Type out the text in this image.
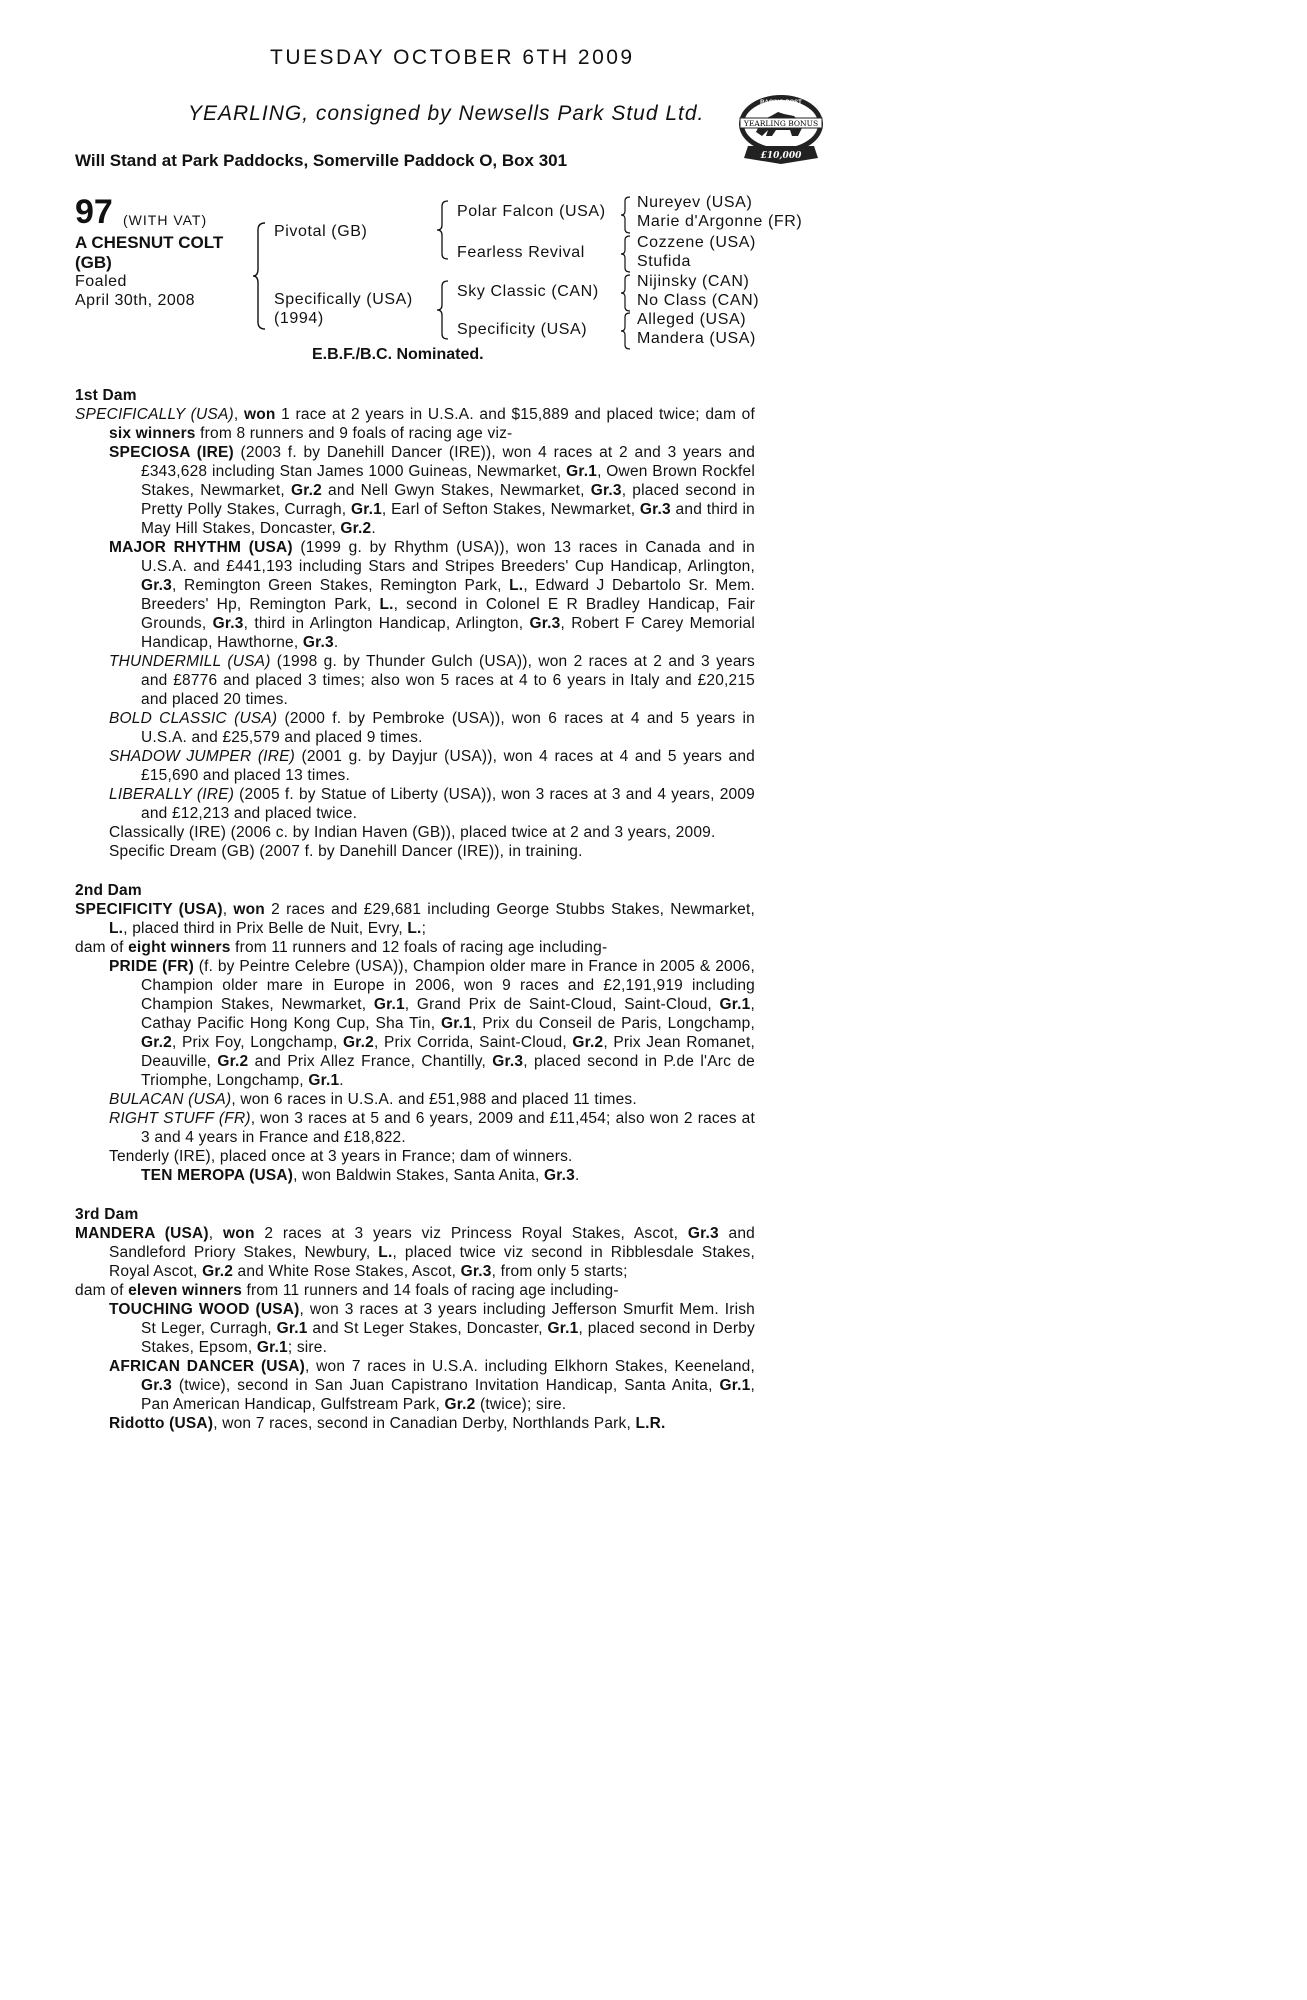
TUESDAY OCTOBER 6TH 2009
YEARLING, consigned by Newsells Park Stud Ltd.
Will Stand at Park Paddocks, Somerville Paddock O, Box 301
YEARLING BONUS
RACING POST
£10,000
97 (WITH VAT)
A CHESNUT COLT
(GB)
Foaled
April 30th, 2008
Pivotal (GB)
Specifically (USA)
(1994)
Polar Falcon (USA)
Fearless Revival
Sky Classic (CAN)
Specificity (USA)
Nureyev (USA)
Marie d'Argonne (FR)
Cozzene (USA)
Stufida
Nijinsky (CAN)
No Class (CAN)
Alleged (USA)
Mandera (USA)
E.B.F./B.C. Nominated.
1st Dam
SPECIFICALLY (USA), won 1 race at 2 years in U.S.A. and $15,889 and placed twice; dam of six winners from 8 runners and 9 foals of racing age viz-
SPECIOSA (IRE) (2003 f. by Danehill Dancer (IRE)), won 4 races at 2 and 3 years and £343,628 including Stan James 1000 Guineas, Newmarket, Gr.1, Owen Brown Rockfel Stakes, Newmarket, Gr.2 and Nell Gwyn Stakes, Newmarket, Gr.3, placed second in Pretty Polly Stakes, Curragh, Gr.1, Earl of Sefton Stakes, Newmarket, Gr.3 and third in May Hill Stakes, Doncaster, Gr.2.
MAJOR RHYTHM (USA) (1999 g. by Rhythm (USA)), won 13 races in Canada and in U.S.A. and £441,193 including Stars and Stripes Breeders' Cup Handicap, Arlington, Gr.3, Remington Green Stakes, Remington Park, L., Edward J Debartolo Sr. Mem. Breeders' Hp, Remington Park, L., second in Colonel E R Bradley Handicap, Fair Grounds, Gr.3, third in Arlington Handicap, Arlington, Gr.3, Robert F Carey Memorial Handicap, Hawthorne, Gr.3.
THUNDERMILL (USA) (1998 g. by Thunder Gulch (USA)), won 2 races at 2 and 3 years and £8776 and placed 3 times; also won 5 races at 4 to 6 years in Italy and £20,215 and placed 20 times.
BOLD CLASSIC (USA) (2000 f. by Pembroke (USA)), won 6 races at 4 and 5 years in U.S.A. and £25,579 and placed 9 times.
SHADOW JUMPER (IRE) (2001 g. by Dayjur (USA)), won 4 races at 4 and 5 years and £15,690 and placed 13 times.
LIBERALLY (IRE) (2005 f. by Statue of Liberty (USA)), won 3 races at 3 and 4 years, 2009 and £12,213 and placed twice.
Classically (IRE) (2006 c. by Indian Haven (GB)), placed twice at 2 and 3 years, 2009.
Specific Dream (GB) (2007 f. by Danehill Dancer (IRE)), in training.
2nd Dam
SPECIFICITY (USA), won 2 races and £29,681 including George Stubbs Stakes, Newmarket, L., placed third in Prix Belle de Nuit, Evry, L.;
dam of eight winners from 11 runners and 12 foals of racing age including-
PRIDE (FR) (f. by Peintre Celebre (USA)), Champion older mare in France in 2005 & 2006, Champion older mare in Europe in 2006, won 9 races and £2,191,919 including Champion Stakes, Newmarket, Gr.1, Grand Prix de Saint-Cloud, Saint-Cloud, Gr.1, Cathay Pacific Hong Kong Cup, Sha Tin, Gr.1, Prix du Conseil de Paris, Longchamp, Gr.2, Prix Foy, Longchamp, Gr.2, Prix Corrida, Saint-Cloud, Gr.2, Prix Jean Romanet, Deauville, Gr.2 and Prix Allez France, Chantilly, Gr.3, placed second in P.de l'Arc de Triomphe, Longchamp, Gr.1.
BULACAN (USA), won 6 races in U.S.A. and £51,988 and placed 11 times.
RIGHT STUFF (FR), won 3 races at 5 and 6 years, 2009 and £11,454; also won 2 races at 3 and 4 years in France and £18,822.
Tenderly (IRE), placed once at 3 years in France; dam of winners.
TEN MEROPA (USA), won Baldwin Stakes, Santa Anita, Gr.3.
3rd Dam
MANDERA (USA), won 2 races at 3 years viz Princess Royal Stakes, Ascot, Gr.3 and Sandleford Priory Stakes, Newbury, L., placed twice viz second in Ribblesdale Stakes, Royal Ascot, Gr.2 and White Rose Stakes, Ascot, Gr.3, from only 5 starts;
dam of eleven winners from 11 runners and 14 foals of racing age including-
TOUCHING WOOD (USA), won 3 races at 3 years including Jefferson Smurfit Mem. Irish St Leger, Curragh, Gr.1 and St Leger Stakes, Doncaster, Gr.1, placed second in Derby Stakes, Epsom, Gr.1; sire.
AFRICAN DANCER (USA), won 7 races in U.S.A. including Elkhorn Stakes, Keeneland, Gr.3 (twice), second in San Juan Capistrano Invitation Handicap, Santa Anita, Gr.1, Pan American Handicap, Gulfstream Park, Gr.2 (twice); sire.
Ridotto (USA), won 7 races, second in Canadian Derby, Northlands Park, L.R.
